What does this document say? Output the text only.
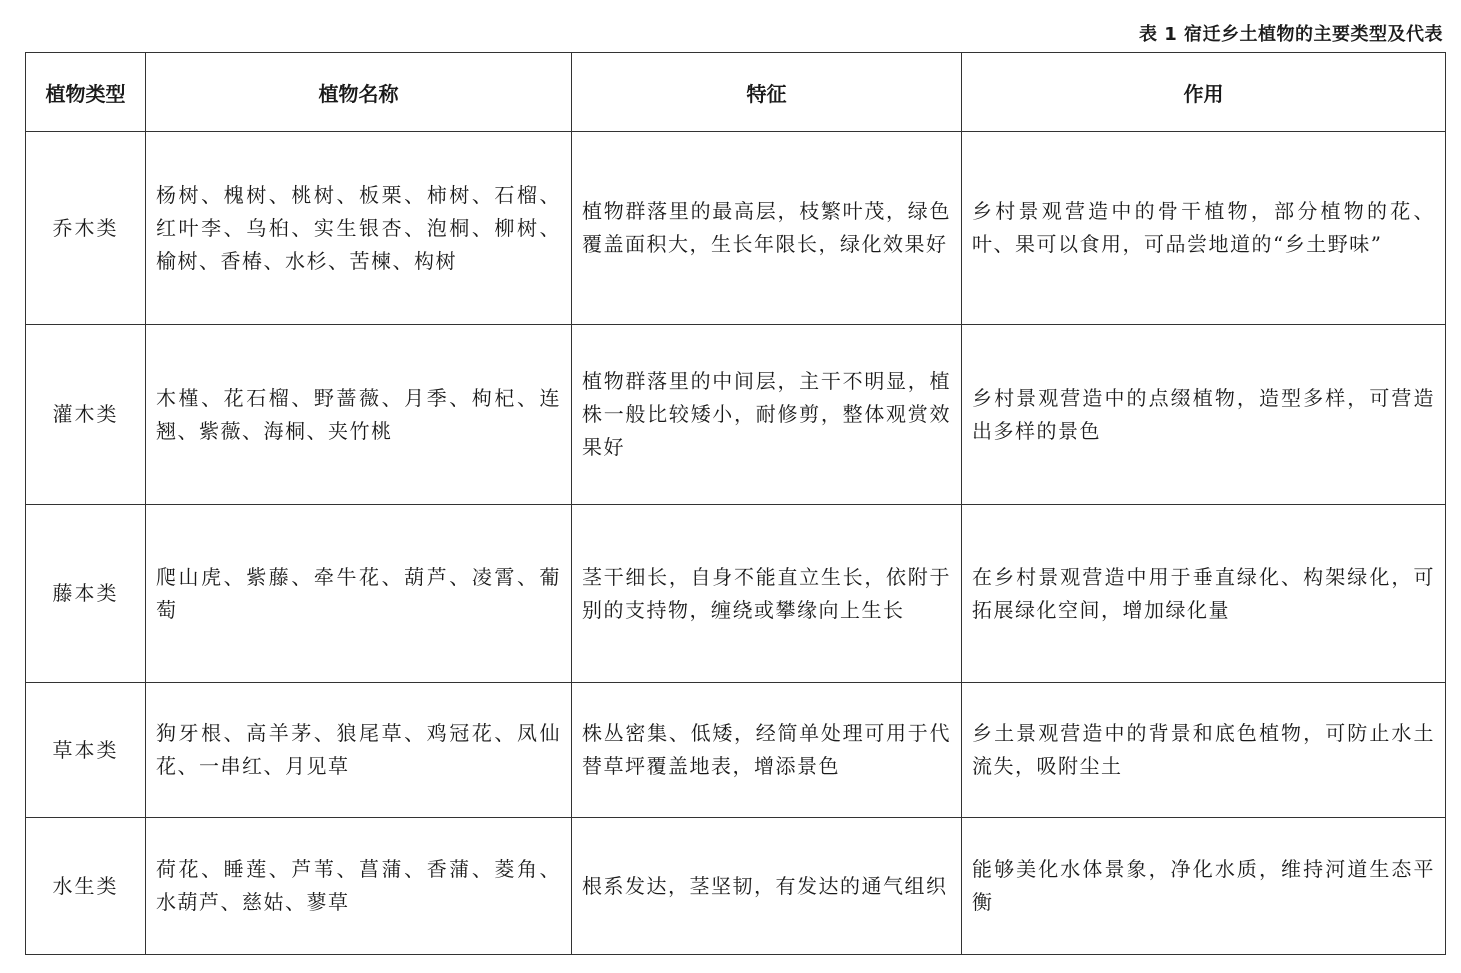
表 1 宿迁乡土植物的主要类型及代表
植物类型	植物名称	特征	作用
乔木类	杨树、槐树、桃树、板栗、柿树、石榴、红叶李、乌桕、实生银杏、泡桐、柳树、榆树、香椿、水杉、苦楝、构树	植物群落里的最高层，枝繁叶茂，绿色覆盖面积大，生长年限长，绿化效果好	乡村景观营造中的骨干植物，部分植物的花、叶、果可以食用，可品尝地道的“乡土野味”
灌木类	木槿、花石榴、野蔷薇、月季、枸杞、连翘、紫薇、海桐、夹竹桃	植物群落里的中间层，主干不明显，植株一般比较矮小，耐修剪，整体观赏效果好	乡村景观营造中的点缀植物，造型多样，可营造出多样的景色
藤本类	爬山虎、紫藤、牵牛花、葫芦、凌霄、葡萄	茎干细长，自身不能直立生长，依附于别的支持物，缠绕或攀缘向上生长	在乡村景观营造中用于垂直绿化、构架绿化，可拓展绿化空间，增加绿化量
草本类	狗牙根、高羊茅、狼尾草、鸡冠花、凤仙花、一串红、月见草	株丛密集、低矮，经简单处理可用于代替草坪覆盖地表，增添景色	乡土景观营造中的背景和底色植物，可防止水土流失，吸附尘土
水生类	荷花、睡莲、芦苇、菖蒲、香蒲、菱角、水葫芦、慈姑、蓼草	根系发达，茎坚韧，有发达的通气组织	能够美化水体景象，净化水质，维持河道生态平衡
